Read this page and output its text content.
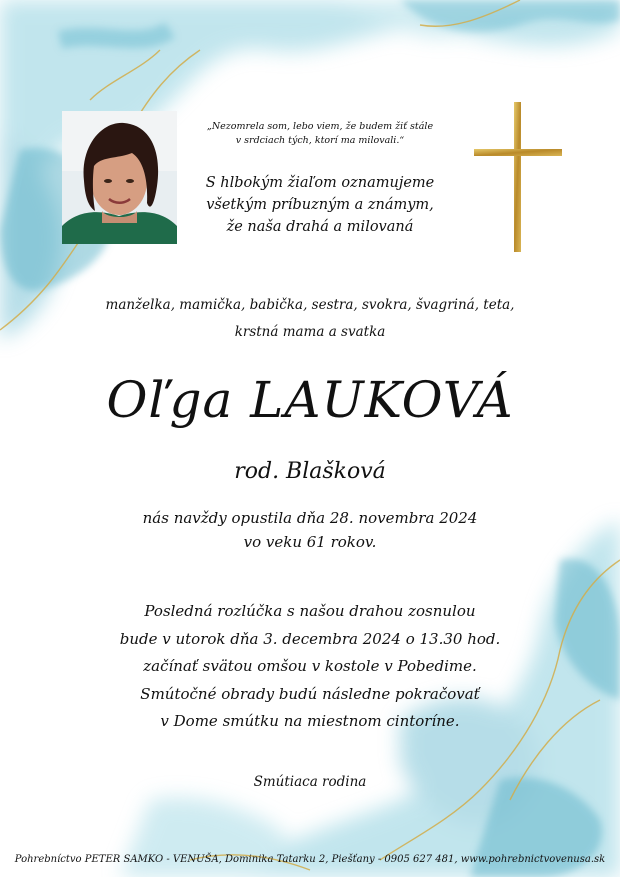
„Nezomrela som, lebo viem, že budem žiť stále
v srdciach tých, ktorí ma milovali.“
S hlbokým žiaľom oznamujeme
všetkým príbuzným a známym,
že naša drahá a milovaná
manželka, mamička, babička, sestra, svokra, švagriná, teta,
krstná mama a svatka
Oľga LAUKOVÁ
rod. Blašková
nás navždy opustila dňa 28. novembra 2024
vo veku 61 rokov.
Posledná rozlúčka s našou drahou zosnulou
bude v utorok dňa 3. decembra 2024 o 13.30 hod.
začínať svätou omšou v kostole v Pobedime.
Smútočné obrady budú následne pokračovať
v Dome smútku na miestnom cintoríne.
Smútiaca rodina
Pohrebníctvo PETER SAMKO - VENUŠA, Dominika Tatarku 2, Piešťany - 0905 627 481, www.pohrebnictvovenusa.sk
